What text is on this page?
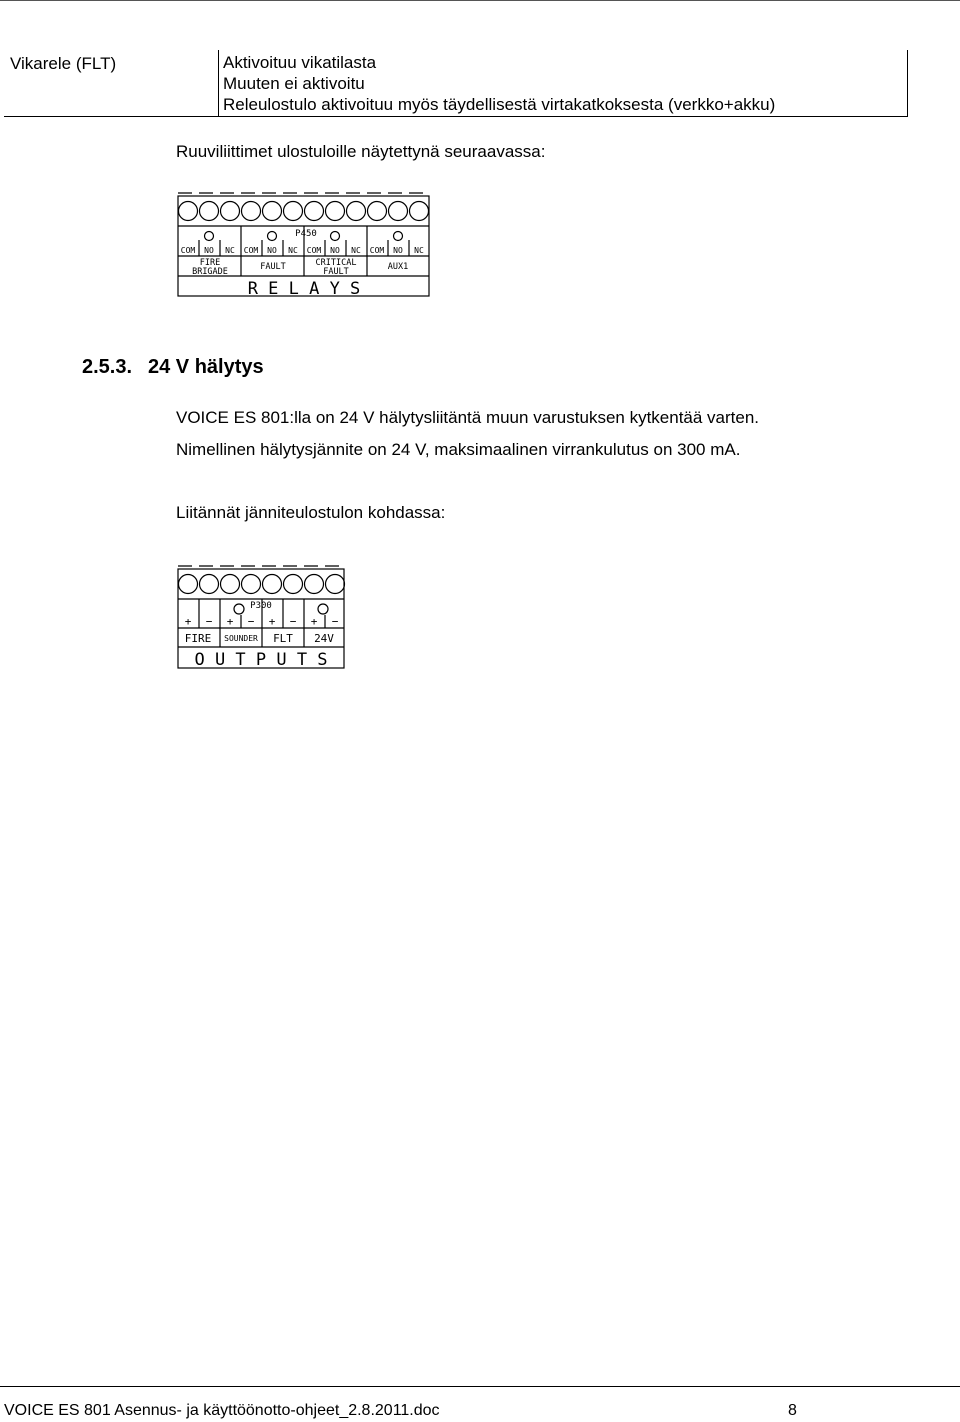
Vikarele (FLT)	Aktivoituu vikatilasta
Muuten ei aktivoitu
Releulostulo aktivoituu myös täydellisestä virtakatkoksesta (verkko+akku)
Ruuviliittimet ulostuloille näytettynä seuraavassa:
P450
COM NO NC COM NO NC COM NO NC COM NO NC
FIRE
BRIGADE	FAULT	CRITICAL
FAULT	AUX1
R E L A Y S
2.5.3. 24 V hälytys
VOICE ES 801:lla on 24 V hälytysliitäntä muun varustuksen kytkentää varten.
Nimellinen hälytysjännite on 24 V, maksimaalinen virrankulutus on 300 mA.
Liitännät jänniteulostulon kohdassa:
P300
+ − + − + − + −
FIRE SOUNDER FLT 24V
O U T P U T S
VOICE ES 801 Asennus- ja käyttöönotto-ohjeet_2.8.2011.doc	8
